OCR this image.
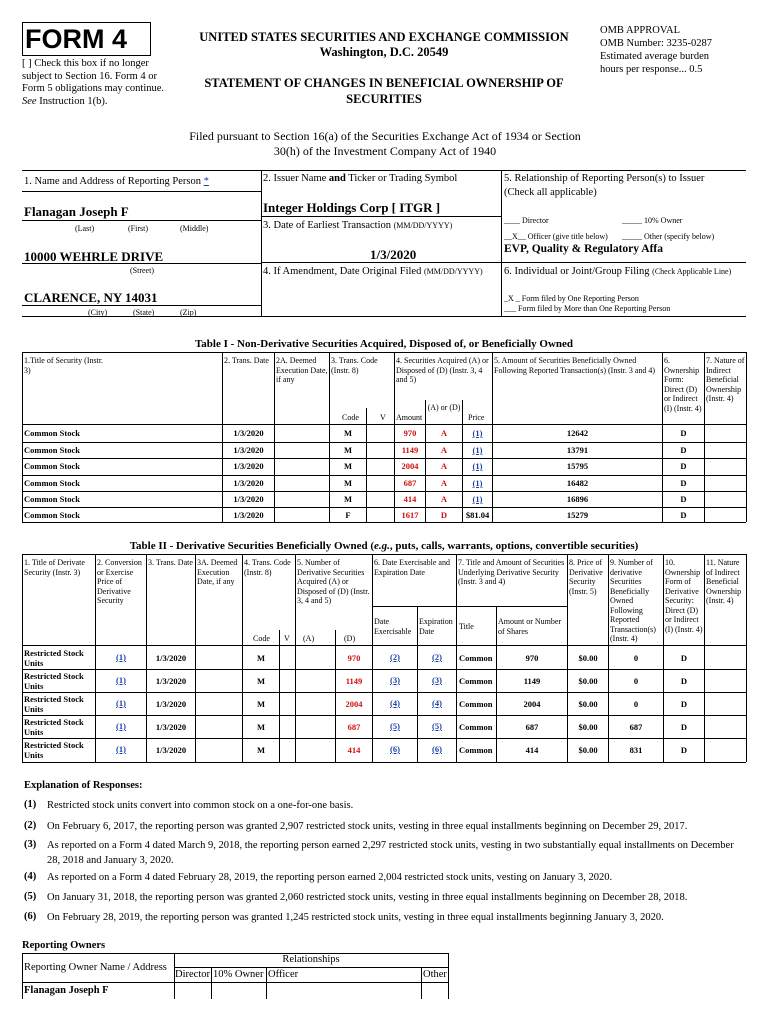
FORM 4
[ ] Check this box if no longer subject to Section 16. Form 4 or Form 5 obligations may continue. See Instruction 1(b).
UNITED STATES SECURITIES AND EXCHANGE COMMISSION
Washington, D.C. 20549
STATEMENT OF CHANGES IN BENEFICIAL OWNERSHIP OF SECURITIES
OMB APPROVAL
OMB Number: 3235-0287
Estimated average burden hours per response... 0.5
Filed pursuant to Section 16(a) of the Securities Exchange Act of 1934 or Section 30(h) of the Investment Company Act of 1940
1. Name and Address of Reporting Person *
Flanagan Joseph F
(Last)	(First)	(Middle)
10000 WEHRLE DRIVE
(Street)
CLARENCE, NY 14031
(City)	(State)	(Zip)
2. Issuer Name and Ticker or Trading Symbol
Integer Holdings Corp [ ITGR ]
3. Date of Earliest Transaction (MM/DD/YYYY)
1/3/2020
4. If Amendment, Date Original Filed (MM/DD/YYYY)
5. Relationship of Reporting Person(s) to Issuer
(Check all applicable)
____ Director	_____ 10% Owner
__X__ Officer (give title below) _____ Other (specify below)
EVP, Quality & Regulatory Affa
6. Individual or Joint/Group Filing (Check Applicable Line)
_X _ Form filed by One Reporting Person
___ Form filed by More than One Reporting Person
Table I - Non-Derivative Securities Acquired, Disposed of, or Beneficially Owned
1.Title of Security (Instr. 3)
2. Trans. Date 2A. Deemed Execution Date, if any
3. Trans. Code (Instr. 8)
4. Securities Acquired (A) or Disposed of (D) (Instr. 3, 4 and 5)
5. Amount of Securities Beneficially Owned Following Reported Transaction(s) (Instr. 3 and 4)
6. Ownership Form: Direct (D) or Indirect (I) (Instr. 4)
7. Nature of Indirect Beneficial Ownership (Instr. 4)
Code	V Amount
(A) or (D)
Price
Common Stock	1/3/2020	M	970	A	(1)	12642	D
Common Stock	1/3/2020	M	1149	A	(1)	13791	D
Common Stock	1/3/2020	M	2004	A	(1)	15795	D
Common Stock	1/3/2020	M	687	A	(1)	16482	D
Common Stock	1/3/2020	M	414	A	(1)	16896	D
Common Stock	1/3/2020	F	1617	D	$81.04	15279	D
Table II - Derivative Securities Beneficially Owned (e.g., puts, calls, warrants, options, convertible securities)
1. Title of Derivate Security (Instr. 3)
2. Conversion or Exercise Price of Derivative Security
3. Trans. Date 3A. Deemed Execution Date, if any
4. Trans. Code (Instr. 8)
5. Number of Derivative Securities Acquired (A) or Disposed of (D) (Instr. 3, 4 and 5)
6. Date Exercisable and Expiration Date
7. Title and Amount of Securities Underlying Derivative Security (Instr. 3 and 4)
8. Price of Derivative Security (Instr. 5)
9. Number of derivative Securities Beneficially Owned Following Reported Transaction(s) (Instr. 4)
10. Ownership Form of Derivative Security: Direct (D) or Indirect (I) (Instr. 4)
11. Nature of Indirect Beneficial Ownership (Instr. 4)
Code V (A)	(D)
Date Exercisable
Expiration Date	Title
Amount or Number of Shares
Restricted Stock Units
(1)	1/3/2020	M	970	(2)	(2)	Common	970	$0.00	0	D
Restricted Stock Units
(1)	1/3/2020	M	1149	(3)	(3)	Common	1149	$0.00	0	D
Restricted Stock Units
(1)	1/3/2020	M	2004	(4)	(4)	Common	2004	$0.00	0	D
Restricted Stock Units
(1)	1/3/2020	M	687	(5)	(5)	Common	687	$0.00	687	D
Restricted Stock Units
(1)	1/3/2020	M	414	(6)	(6)	Common	414	$0.00	831	D
Explanation of Responses:
(1) Restricted stock units convert into common stock on a one-for-one basis.
(2) On February 6, 2017, the reporting person was granted 2,907 restricted stock units, vesting in three equal installments beginning on December 29, 2017.
(3) As reported on a Form 4 dated March 9, 2018, the reporting person earned 2,297 restricted stock units, vesting in two substantially equal installments on December 28, 2018 and January 3, 2020.
(4) As reported on a Form 4 dated February 28, 2019, the reporting person earned 2,004 restricted stock units, vesting on January 3, 2020.
(5) On January 31, 2018, the reporting person was granted 2,060 restricted stock units, vesting in three equal installments beginning on December 28, 2018.
(6) On February 28, 2019, the reporting person was granted 1,245 restricted stock units, vesting in three equal installments beginning January 3, 2020.
Reporting Owners
Reporting Owner Name / Address
Relationships
Director 10% Owner Officer	Other
Flanagan Joseph F
